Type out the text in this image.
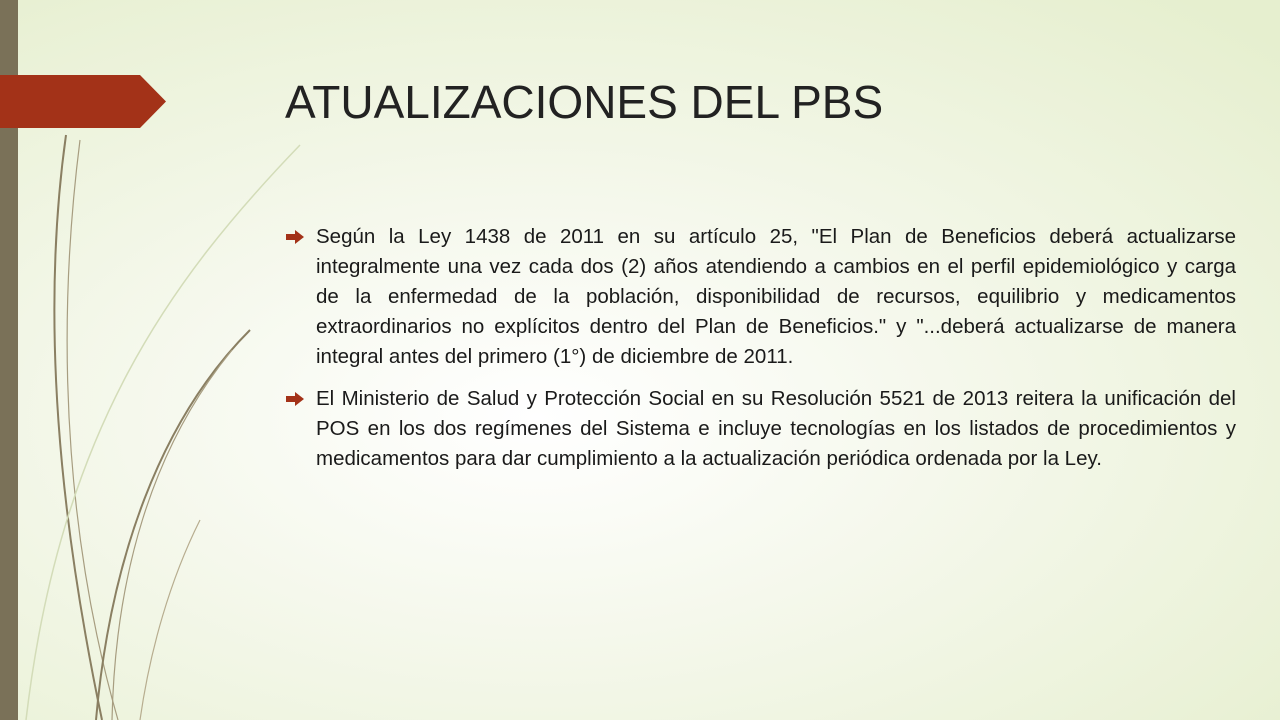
ATUALIZACIONES DEL PBS
Según la Ley 1438 de 2011 en su artículo 25, "El Plan de Beneficios deberá actualizarse integralmente una vez cada dos (2) años atendiendo a cambios en el perfil epidemiológico y carga de la enfermedad de la población, disponibilidad de recursos, equilibrio y medicamentos extraordinarios no explícitos dentro del Plan de Beneficios." y "...deberá actualizarse de manera integral antes del primero (1°) de diciembre de 2011.
El Ministerio de Salud y Protección Social en su Resolución 5521 de 2013 reitera la unificación del POS en los dos regímenes del Sistema e incluye tecnologías en los listados de procedimientos y medicamentos para dar cumplimiento a la actualización periódica ordenada por la Ley.
